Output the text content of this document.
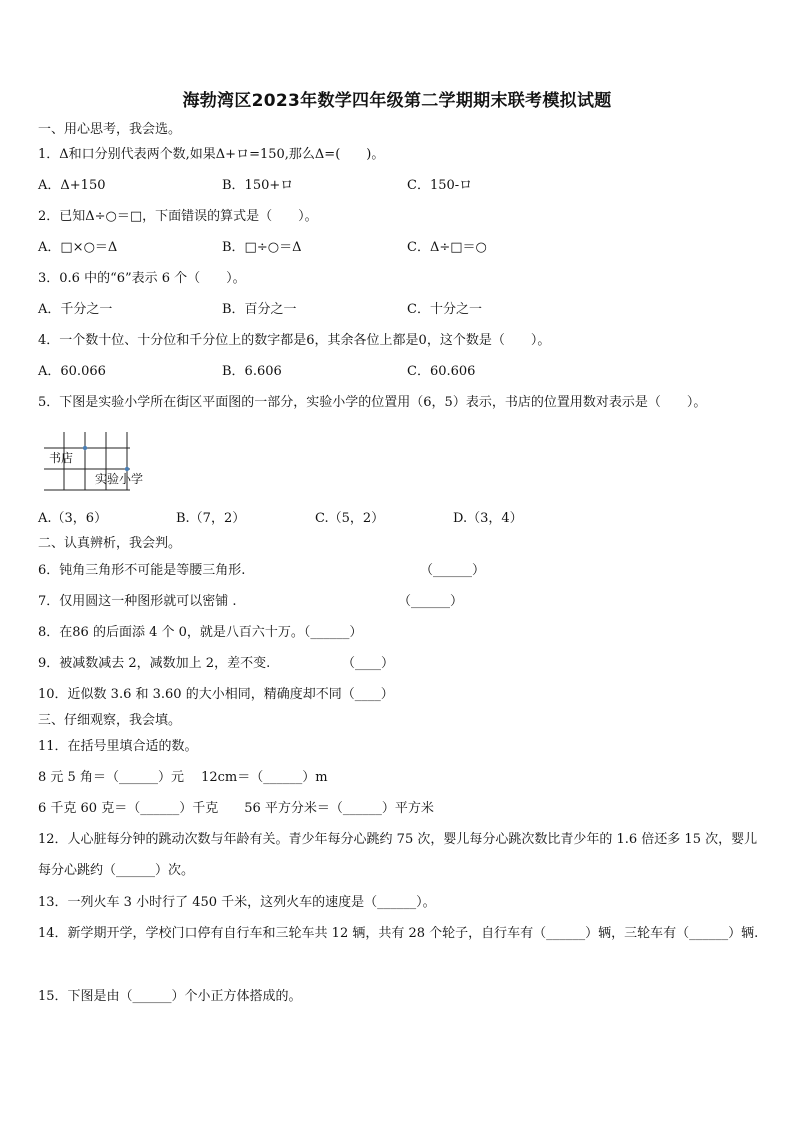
海勃湾区2023年数学四年级第二学期期末联考模拟试题
一、用心思考，我会选。
1．Δ和口分别代表两个数,如果Δ+ロ=150,那么Δ=(　　)。
A．Δ+150	B．150+ロ	C．150-ロ
2．已知Δ÷○＝□，下面错误的算式是（　　）。
A．□×○＝Δ	B．□÷○＝Δ	C．Δ÷□＝○
3．0.6 中的“6”表示 6 个（　　）。
A．千分之一	B．百分之一	C．十分之一
4．一个数十位、十分位和千分位上的数字都是6，其余各位上都是0，这个数是（　　）。
A．60.066	B．6.606	C．60.606
5．下图是实验小学所在街区平面图的一部分，实验小学的位置用（6，5）表示，书店的位置用数对表示是（　　）。
书店
实验小学
A.（3，6）	B.（7，2）	C.（5，2）	D.（3，4）
二、认真辨析，我会判。
6．钝角三角形不可能是等腰三角形.	（______）
7．仅用圆这一种图形就可以密铺 .	（______）
8．在86 的后面添 4 个 0，就是八百六十万。（______）
9．被减数减去 2，减数加上 2，差不变.	（____）
10．近似数 3.6 和 3.60 的大小相同，精确度却不同（____）
三、仔细观察，我会填。
11．在括号里填合适的数。
8 元 5 角＝（______）元　 12cm＝（______）m
6 千克 60 克＝（______）千克　　56 平方分米＝（______）平方米
12．人心脏每分钟的跳动次数与年龄有关。青少年每分心跳约 75 次，婴儿每分心跳次数比青少年的 1.6 倍还多 15 次，婴儿每分心跳约（______）次。
13．一列火车 3 小时行了 450 千米，这列火车的速度是（______）。
14．新学期开学，学校门口停有自行车和三轮车共 12 辆，共有 28 个轮子，自行车有（______）辆，三轮车有（______）辆.
15．下图是由（______）个小正方体搭成的。
